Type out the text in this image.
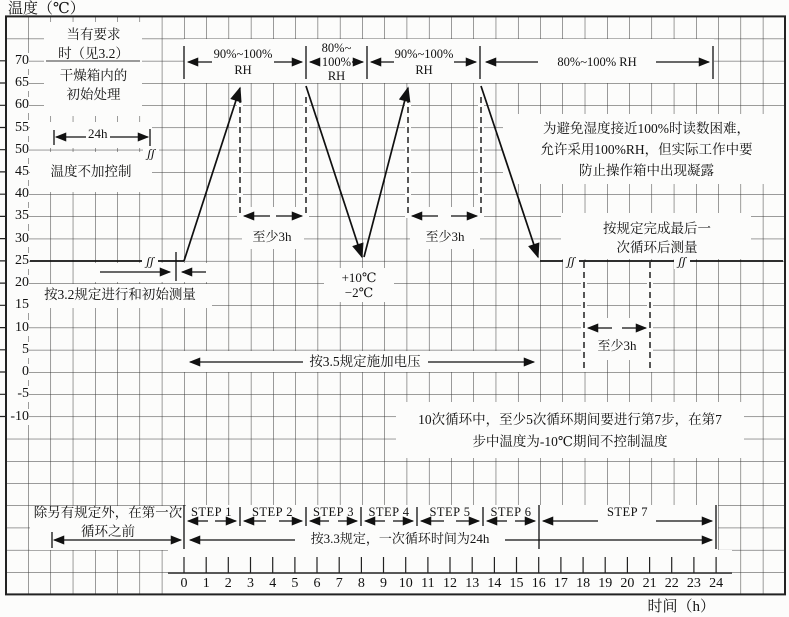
ʃʃ	ʃʃ	ʃʃ
ʃʃ
温度（℃）
时间（h）
当有要求
时（见3.2）
干燥箱内的
初始处理
24h
温度不加控制
按3.2规定进行和初始测量
90%~100%
RH
80%~
100%
RH
90%~100%
RH
80%~100% RH
为避免湿度接近100%时读数困难，
允许采用100%RH，但实际工作中要
防止操作箱中出现凝露
至少3h	至少3h
至少3h
+10℃
−2℃
按规定完成最后一
次循环后测量
按3.5规定施加电压
10次循环中，至少5次循环期间要进行第7步，在第7
步中温度为-10℃期间不控制温度
除另有规定外，在第一次
循环之前	按3.3规定，一次循环时间为24h
70
65
60
55
50
45
40
35
30
25
20
15
10
5
0
-5
-10
0	1	2	3	4	5	6	7	8	9 10 11 12 13 14 15 16 17 18 19 20 21 22 23 24
STEP 1	STEP 2	STEP 3	STEP 4	STEP 5	STEP 6	STEP 7
